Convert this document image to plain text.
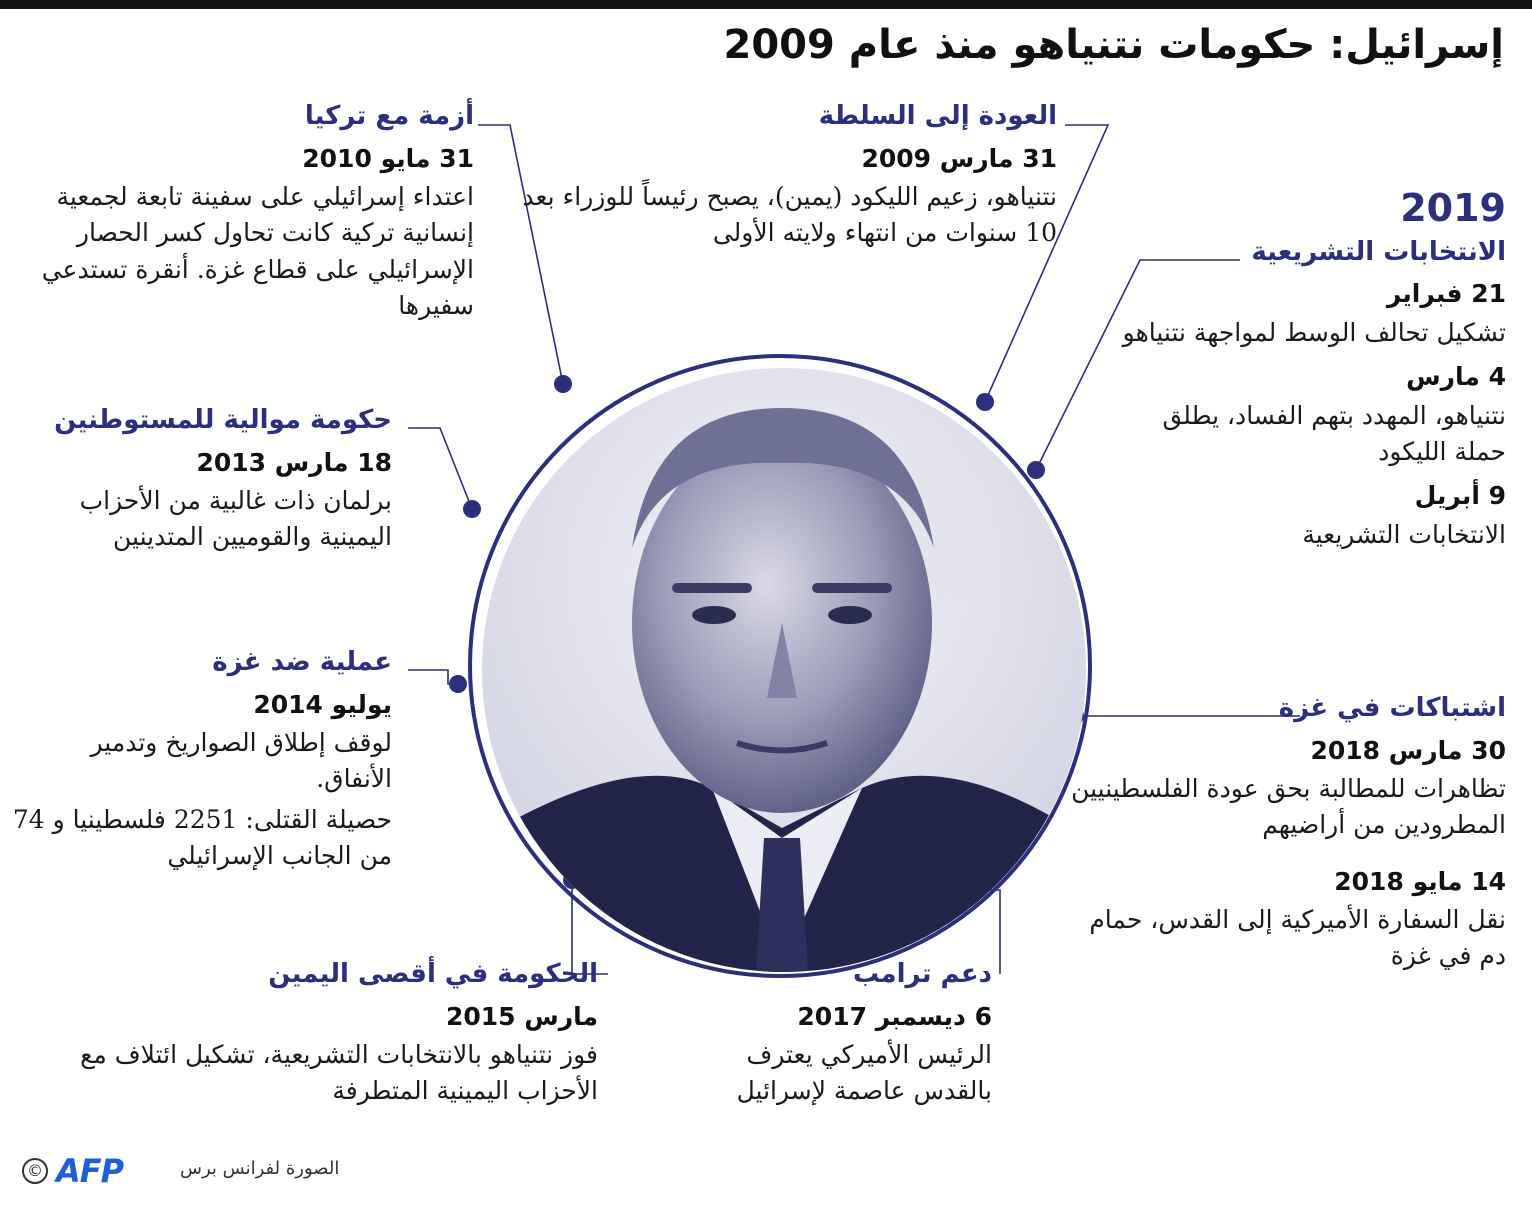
إسرائيل: حكومات نتنياهو منذ عام 2009
العودة إلى السلطة
31 مارس 2009
نتنياهو، زعيم الليكود (يمين)، يصبح رئيساً للوزراء بعد 10 سنوات من انتهاء ولايته الأولى
أزمة مع تركيا
31 مايو 2010
اعتداء إسرائيلي على سفينة تابعة لجمعية إنسانية تركية كانت تحاول كسر الحصار الإسرائيلي على قطاع غزة. أنقرة تستدعي سفيرها
حكومة موالية للمستوطنين
18 مارس 2013
برلمان ذات غالبية من الأحزاب اليمينية والقوميين المتدينين
عملية ضد غزة
يوليو 2014
لوقف إطلاق الصواريخ وتدمير الأنفاق.
حصيلة القتلى: 2251 فلسطينيا و 74 من الجانب الإسرائيلي
الحكومة في أقصى اليمين
مارس 2015
فوز نتنياهو بالانتخابات التشريعية، تشكيل ائتلاف مع الأحزاب اليمينية المتطرفة
دعم ترامب
6 ديسمبر 2017
الرئيس الأميركي يعترف بالقدس عاصمة لإسرائيل
2019
الانتخابات التشريعية
21 فبراير
تشكيل تحالف الوسط لمواجهة نتنياهو
4 مارس
نتنياهو، المهدد بتهم الفساد، يطلق حملة الليكود
9 أبريل
الانتخابات التشريعية
اشتباكات في غزة
30 مارس 2018
تظاهرات للمطالبة بحق عودة الفلسطينيين المطرودين من أراضيهم
14 مايو 2018
نقل السفارة الأميركية إلى القدس، حمام دم في غزة
© AFP	الصورة لفرانس برس
